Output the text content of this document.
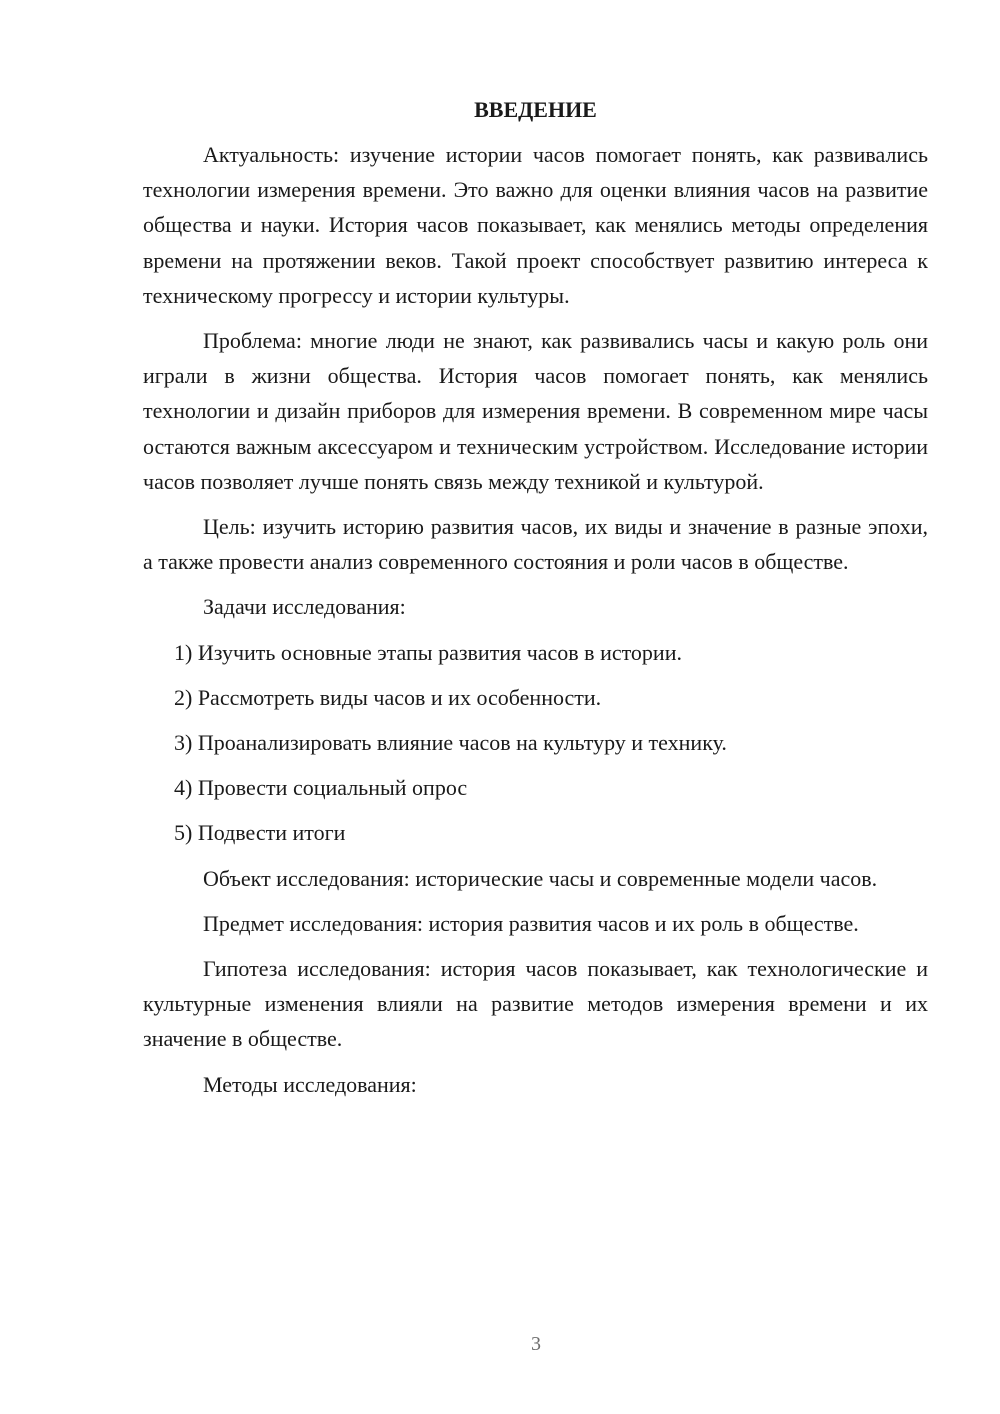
ВВЕДЕНИЕ

Актуальность: изучение истории часов помогает понять, как развивались технологии измерения времени. Это важно для оценки влияния часов на развитие общества и науки. История часов показывает, как менялись методы определения времени на протяжении веков. Такой проект способствует развитию интереса к техническому прогрессу и истории культуры.

Проблема: многие люди не знают, как развивались часы и какую роль они играли в жизни общества. История часов помогает понять, как менялись технологии и дизайн приборов для измерения времени. В современном мире часы остаются важным аксессуаром и техническим устройством. Исследование истории часов позволяет лучше понять связь между техникой и культурой.

Цель: изучить историю развития часов, их виды и значение в разные эпохи, а также провести анализ современного состояния и роли часов в обществе.

Задачи исследования:

1) Изучить основные этапы развития часов в истории.
2) Рассмотреть виды часов и их особенности.
3) Проанализировать влияние часов на культуру и технику.
4) Провести социальный опрос
5) Подвести итоги

Объект исследования: исторические часы и современные модели часов.

Предмет исследования: история развития часов и их роль в обществе.

Гипотеза исследования: история часов показывает, как технологические и культурные изменения влияли на развитие методов измерения времени и их значение в обществе.

Методы исследования:

3
